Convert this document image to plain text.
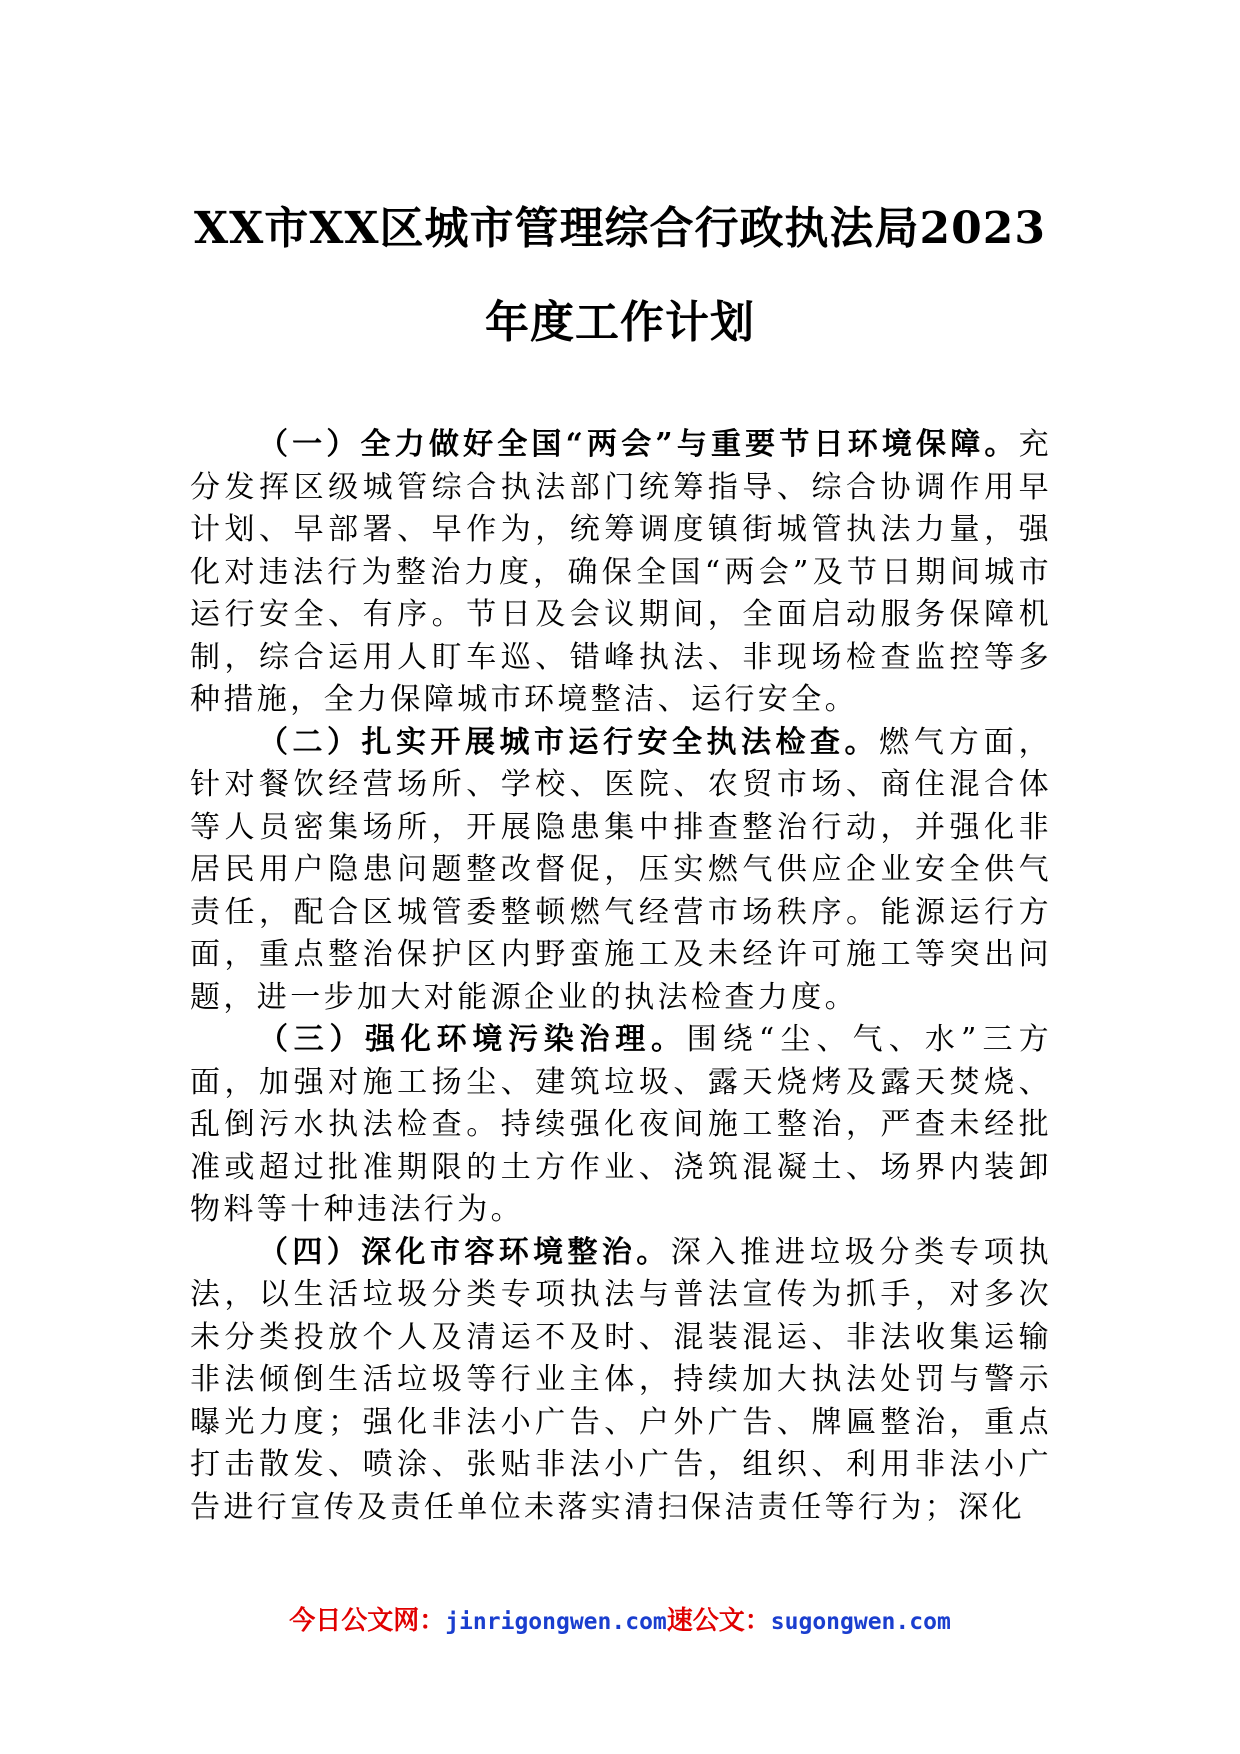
XX市XX区城市管理综合行政执法局2023
年度工作计划

（一）全力做好全国“两会”与重要节日环境保障。充分发挥区级城管综合执法部门统筹指导、综合协调作用早计划、早部署、早作为，统筹调度镇街城管执法力量，强化对违法行为整治力度，确保全国“两会”及节日期间城市运行安全、有序。节日及会议期间，全面启动服务保障机制，综合运用人盯车巡、错峰执法、非现场检查监控等多种措施，全力保障城市环境整洁、运行安全。

（二）扎实开展城市运行安全执法检查。燃气方面，针对餐饮经营场所、学校、医院、农贸市场、商住混合体等人员密集场所，开展隐患集中排查整治行动，并强化非居民用户隐患问题整改督促，压实燃气供应企业安全供气责任，配合区城管委整顿燃气经营市场秩序。能源运行方面，重点整治保护区内野蛮施工及未经许可施工等突出问题，进一步加大对能源企业的执法检查力度。

（三）强化环境污染治理。围绕“尘、气、水”三方面，加强对施工扬尘、建筑垃圾、露天烧烤及露天焚烧、乱倒污水执法检查。持续强化夜间施工整治，严查未经批准或超过批准期限的土方作业、浇筑混凝土、场界内装卸物料等十种违法行为。

（四）深化市容环境整治。深入推进垃圾分类专项执法，以生活垃圾分类专项执法与普法宣传为抓手，对多次未分类投放个人及清运不及时、混装混运、非法收集运输非法倾倒生活垃圾等行业主体，持续加大执法处罚与警示曝光力度；强化非法小广告、户外广告、牌匾整治，重点打击散发、喷涂、张贴非法小广告，组织、利用非法小广告进行宣传及责任单位未落实清扫保洁责任等行为；深化

今日公文网：jinrigongwen.com速公文：sugongwen.com
